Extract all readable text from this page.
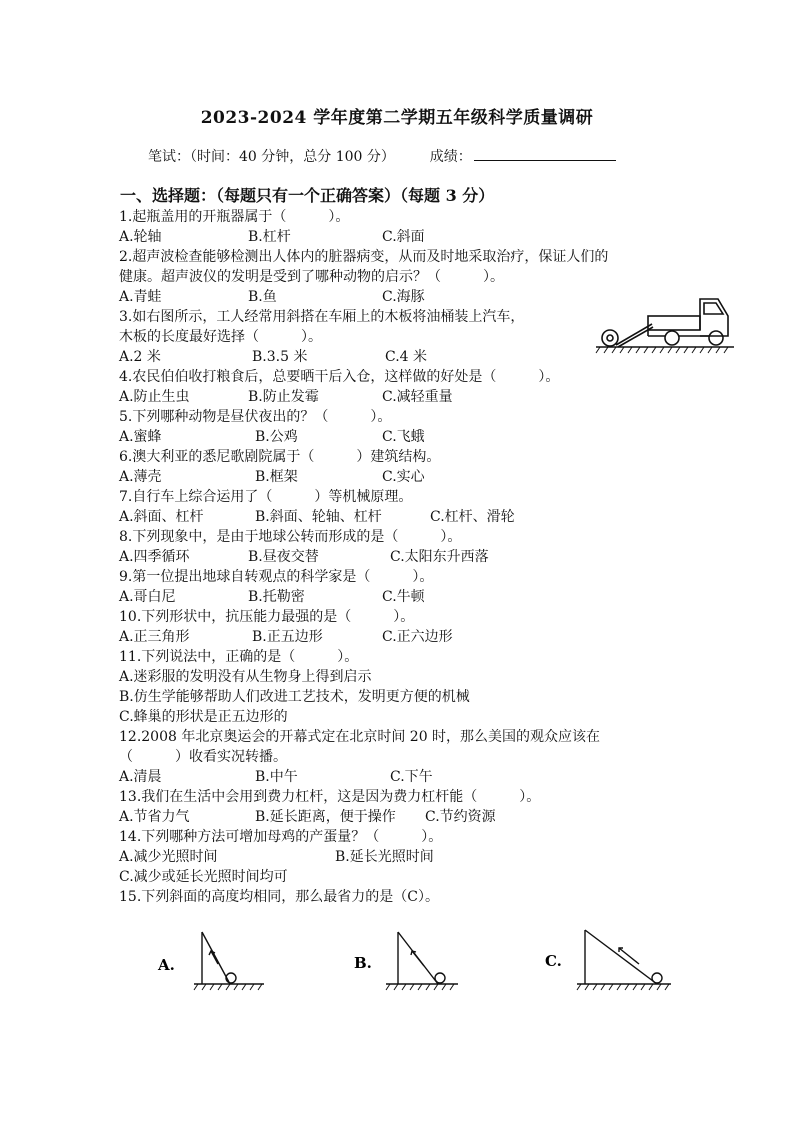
2023-2024 学年度第二学期五年级科学质量调研
笔试：（时间：40 分钟，总分 100 分） 成绩：
一、选择题：（每题只有一个正确答案）（每题 3 分）
1.起瓶盖用的开瓶器属于（　　　）。
A.轮轴	B.杠杆	C.斜面
2.超声波检查能够检测出人体内的脏器病变，从而及时地采取治疗，保证人们的
健康。超声波仪的发明是受到了哪种动物的启示？（　　　）。
A.青蛙	B.鱼	C.海豚
3.如右图所示，工人经常用斜搭在车厢上的木板将油桶装上汽车，
木板的长度最好选择（　　　）。
A.2 米	B.3.5 米	C.4 米
4.农民伯伯收打粮食后，总要晒干后入仓，这样做的好处是（　　　）。
A.防止生虫	B.防止发霉	C.减轻重量
5.下列哪种动物是昼伏夜出的？（　　　）。
A.蜜蜂	B.公鸡	C.飞蛾
6.澳大利亚的悉尼歌剧院属于（　　　）建筑结构。
A.薄壳	B.框架	C.实心
7.自行车上综合运用了（　　　）等机械原理。
A.斜面、杠杆	B.斜面、轮轴、杠杆	C.杠杆、滑轮
8.下列现象中，是由于地球公转而形成的是（　　　）。
A.四季循环	B.昼夜交替	C.太阳东升西落
9.第一位提出地球自转观点的科学家是（　　　）。
A.哥白尼	B.托勒密	C.牛顿
10.下列形状中，抗压能力最强的是（　　　）。
A.正三角形	B.正五边形	C.正六边形
11.下列说法中，正确的是（　　　）。
A.迷彩服的发明没有从生物身上得到启示
B.仿生学能够帮助人们改进工艺技术，发明更方便的机械
C.蜂巢的形状是正五边形的
12.2008 年北京奥运会的开幕式定在北京时间 20 时，那么美国的观众应该在
（　　　）收看实况转播。
A.清晨	B.中午	C.下午
13.我们在生活中会用到费力杠杆，这是因为费力杠杆能（　　　）。
A.节省力气	B.延长距离，便于操作 C.节约资源
14.下列哪种方法可增加母鸡的产蛋量？（　　　）。
A.减少光照时间	B.延长光照时间
C.减少或延长光照时间均可
15.下列斜面的高度均相同，那么最省力的是（C）。
A.	B.	C.
